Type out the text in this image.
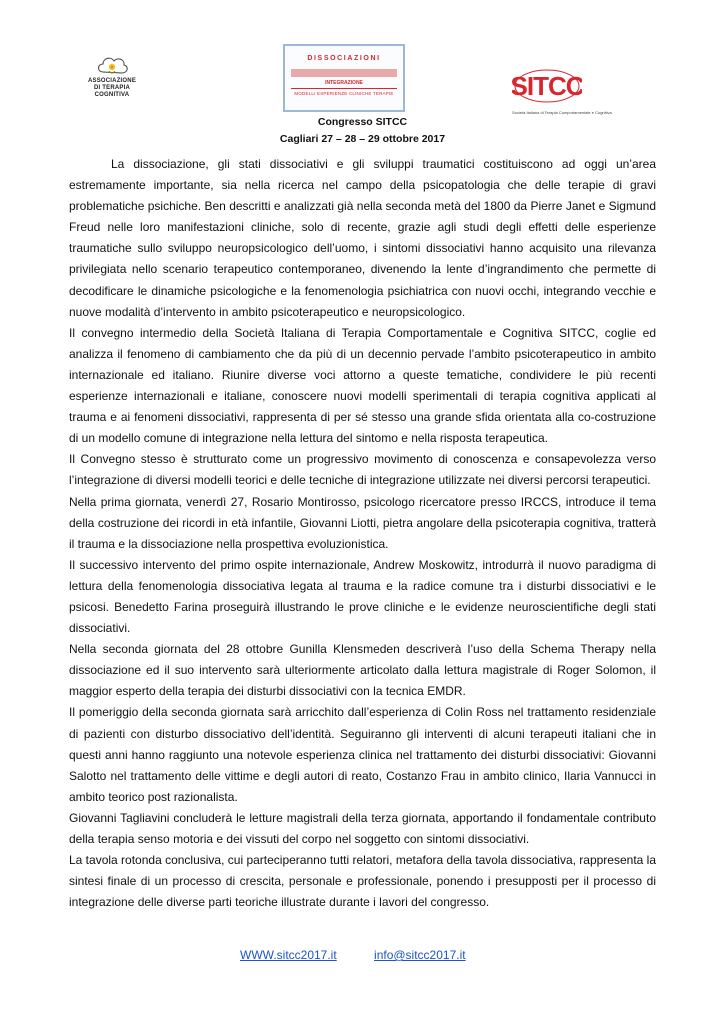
ASSOCIAZIONE
DI TERAPIA
COGNITIVA
DISSOCIAZIONI
INTEGRAZIONE
MODELLI ESPERIENZE CLINICHE TERAPIE	SITCC
Società Italiana di Terapia Comportamentale e Cognitiva
Congresso SITCC
Cagliari 27 – 28 – 29 ottobre 2017

La dissociazione, gli stati dissociativi e gli sviluppi traumatici costituiscono ad oggi un’area estremamente importante, sia nella ricerca nel campo della psicopatologia che delle terapie di gravi problematiche psichiche. Ben descritti e analizzati già nella seconda metà del 1800 da Pierre Janet e Sigmund Freud nelle loro manifestazioni cliniche, solo di recente, grazie agli studi degli effetti delle esperienze traumatiche sullo sviluppo neuropsicologico dell’uomo, i sintomi dissociativi hanno acquisito una rilevanza privilegiata nello scenario terapeutico contemporaneo, divenendo la lente d’ingrandimento che permette di decodificare le dinamiche psicologiche e la fenomenologia psichiatrica con nuovi occhi, integrando vecchie e nuove modalità d’intervento in ambito psicoterapeutico e neuropsicologico.

Il convegno intermedio della Società Italiana di Terapia Comportamentale e Cognitiva SITCC, coglie ed analizza il fenomeno di cambiamento che da più di un decennio pervade l’ambito psicoterapeutico in ambito internazionale ed italiano. Riunire diverse voci attorno a queste tematiche, condividere le più recenti esperienze internazionali e italiane, conoscere nuovi modelli sperimentali di terapia cognitiva applicati al trauma e ai fenomeni dissociativi, rappresenta di per sé stesso una grande sfida orientata alla co-costruzione di un modello comune di integrazione nella lettura del sintomo e nella risposta terapeutica.

Il Convegno stesso è strutturato come un progressivo movimento di conoscenza e consapevolezza verso l’integrazione di diversi modelli teorici e delle tecniche di integrazione utilizzate nei diversi percorsi terapeutici.

Nella prima giornata, venerdì 27, Rosario Montirosso, psicologo ricercatore presso IRCCS, introduce il tema della costruzione dei ricordi in età infantile, Giovanni Liotti, pietra angolare della psicoterapia cognitiva, tratterà il trauma e la dissociazione nella prospettiva evoluzionistica.

Il successivo intervento del primo ospite internazionale, Andrew Moskowitz, introdurrà il nuovo paradigma di lettura della fenomenologia dissociativa legata al trauma e la radice comune tra i disturbi dissociativi e le psicosi. Benedetto Farina proseguirà illustrando le prove cliniche e le evidenze neuroscientifiche degli stati dissociativi.

Nella seconda giornata del 28 ottobre Gunilla Klensmeden descriverà l’uso della Schema Therapy nella dissociazione ed il suo intervento sarà ulteriormente articolato dalla lettura magistrale di Roger Solomon, il maggior esperto della terapia dei disturbi dissociativi con la tecnica EMDR.

Il pomeriggio della seconda giornata sarà arricchito dall’esperienza di Colin Ross nel trattamento residenziale di pazienti con disturbo dissociativo dell’identità. Seguiranno gli interventi di alcuni terapeuti italiani che in questi anni hanno raggiunto una notevole esperienza clinica nel trattamento dei disturbi dissociativi: Giovanni Salotto nel trattamento delle vittime e degli autori di reato, Costanzo Frau in ambito clinico, Ilaria Vannucci in ambito teorico post razionalista.

Giovanni Tagliavini concluderà le letture magistrali della terza giornata, apportando il fondamentale contributo della terapia senso motoria e dei vissuti del corpo nel soggetto con sintomi dissociativi.

La tavola rotonda conclusiva, cui parteciperanno tutti relatori, metafora della tavola dissociativa, rappresenta la sintesi finale di un processo di crescita, personale e professionale, ponendo i presupposti per il processo di integrazione delle diverse parti teoriche illustrate durante i lavori del congresso.

WWW.sitcc2017.it	info@sitcc2017.it
